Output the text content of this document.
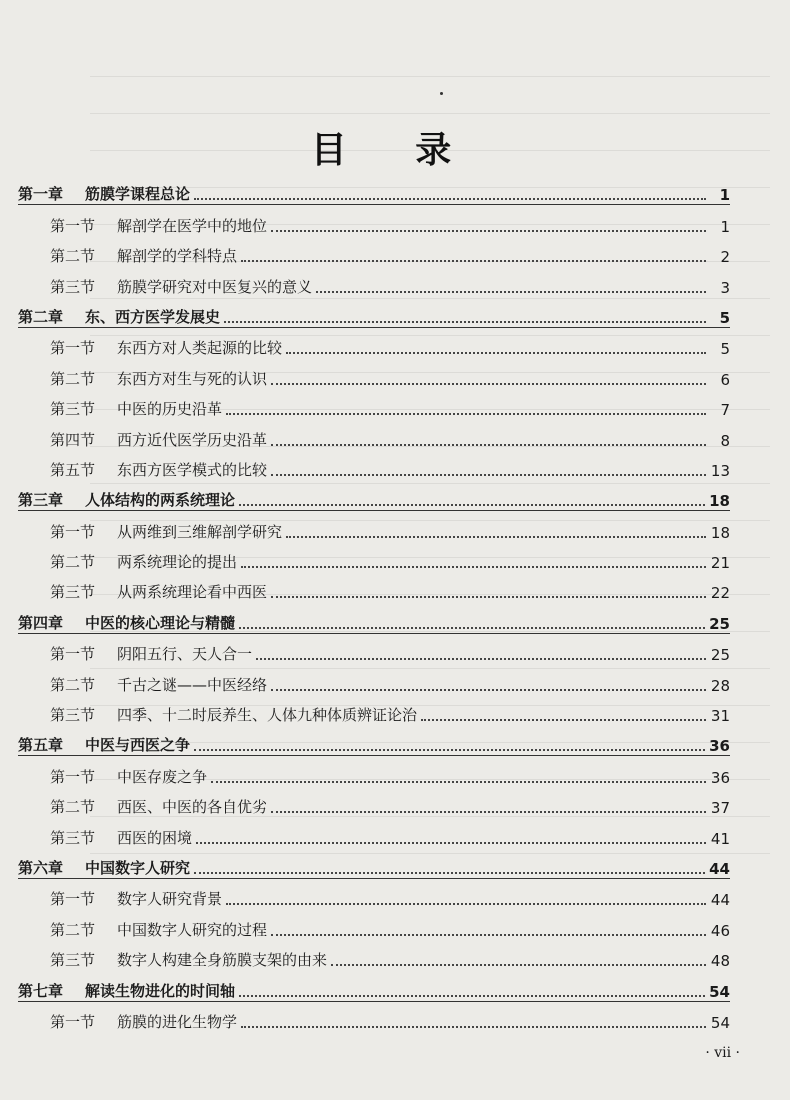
目 录
第一章 筋膜学课程总论	1
第一节 解剖学在医学中的地位	1
第二节 解剖学的学科特点	2
第三节 筋膜学研究对中医复兴的意义	3
第二章 东、西方医学发展史	5
第一节 东西方对人类起源的比较	5
第二节 东西方对生与死的认识	6
第三节 中医的历史沿革	7
第四节 西方近代医学历史沿革	8
第五节 东西方医学模式的比较	13
第三章 人体结构的两系统理论	18
第一节 从两维到三维解剖学研究	18
第二节 两系统理论的提出	21
第三节 从两系统理论看中西医	22
第四章 中医的核心理论与精髓	25
第一节 阴阳五行、天人合一	25
第二节 千古之谜——中医经络	28
第三节 四季、十二时辰养生、人体九种体质辨证论治	31
第五章 中医与西医之争	36
第一节 中医存废之争	36
第二节 西医、中医的各自优劣	37
第三节 西医的困境	41
第六章 中国数字人研究	44
第一节 数字人研究背景	44
第二节 中国数字人研究的过程	46
第三节 数字人构建全身筋膜支架的由来	48
第七章 解读生物进化的时间轴	54
第一节 筋膜的进化生物学	54
· vii ·
